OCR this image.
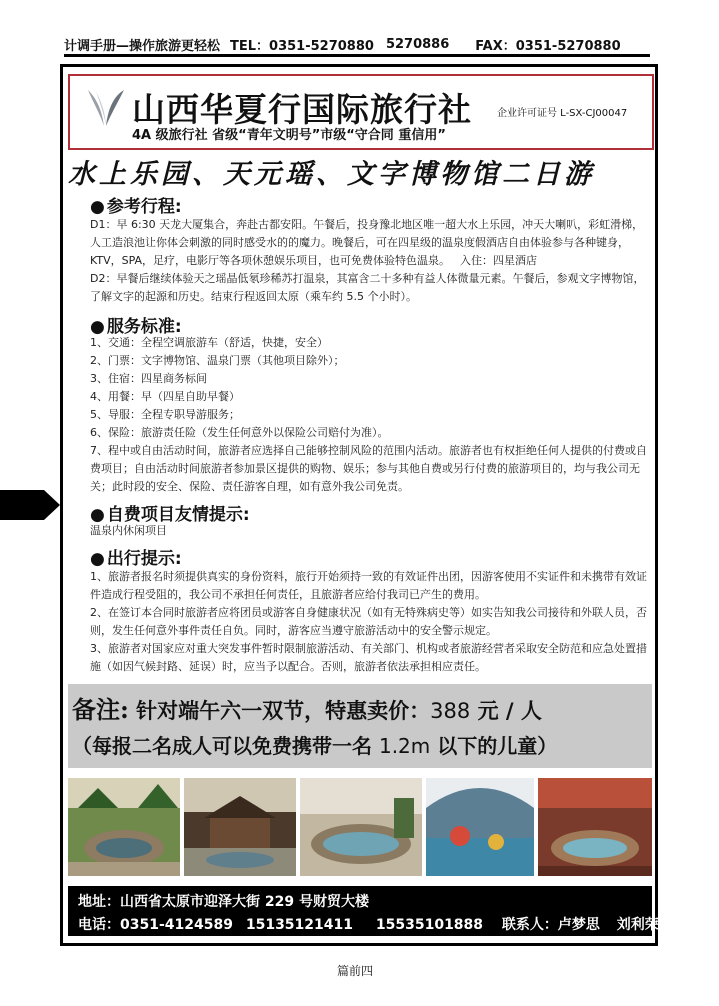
计调手册—操作旅游更轻松 TEL：0351-5270880 5270886 FAX：0351-5270880
山西华夏行国际旅行社	企业许可证号 L-SX-CJ00047
4A 级旅行社 省级“青年文明号”市级“守合同 重信用”
水上乐园、天元瑶、文字博物馆二日游
● 参考行程:
D1：早 6:30 天龙大厦集合，奔赴古都安阳。午餐后，投身豫北地区唯一超大水上乐园，冲天大喇叭，彩虹滑梯，人工造浪池让你体会刺激的同时感受水的的魔力。晚餐后，可在四星级的温泉度假酒店自由体验参与各种键身，KTV，SPA，足疗，电影厅等各项休憩娱乐项目，也可免费体验特色温泉。 入住：四星酒店
D2：早餐后继续体验天之瑶晶低氡珍稀苏打温泉，其富含二十多种有益人体微量元素。午餐后，参观文字博物馆，了解文字的起源和历史。结束行程返回太原（乘车约 5.5 个小时）。
● 服务标准:
1、交通：全程空调旅游车（舒适，快捷，安全）
2、门票：文字博物馆、温泉门票（其他项目除外）；
3、住宿：四星商务标间
4、用餐：早（四星自助早餐）
5、导服：全程专职导游服务；
6、保险：旅游责任险（发生任何意外以保险公司赔付为准）。
7、程中或自由活动时间，旅游者应选择自己能够控制风险的范围内活动。旅游者也有权拒绝任何人提供的付费或自费项目；自由活动时间旅游者参加景区提供的购物、娱乐；参与其他自费或另行付费的旅游项目的，均与我公司无关；此时段的安全、保险、责任游客自理，如有意外我公司免责。
● 自费项目友情提示:
温泉内休闲项目
● 出行提示:
1、旅游者报名时须提供真实的身份资料，旅行开始须持一致的有效证件出团，因游客使用不实证件和未携带有效证件造成行程受阻的，我公司不承担任何责任，且旅游者应给付我司已产生的费用。
2、在签订本合同时旅游者应将团员或游客自身健康状况（如有无特殊病史等）如实告知我公司接待和外联人员，否则，发生任何意外事件责任自负。同时，游客应当遵守旅游活动中的安全警示规定。
3、旅游者对国家应对重大突发事件暂时限制旅游活动、有关部门、机构或者旅游经营者采取安全防范和应急处置措施（如因气候封路、延误）时，应当予以配合。否则，旅游者依法承担相应责任。
备注: 针对端午六一双节，特惠卖价：388 元 / 人
（每报二名成人可以免费携带一名 1.2m 以下的儿童）
地址：山西省太原市迎泽大街 229 号财贸大楼
电话：0351-4124589 15135121411 15535101888 联系人：卢梦思 刘利荣
篇前四
